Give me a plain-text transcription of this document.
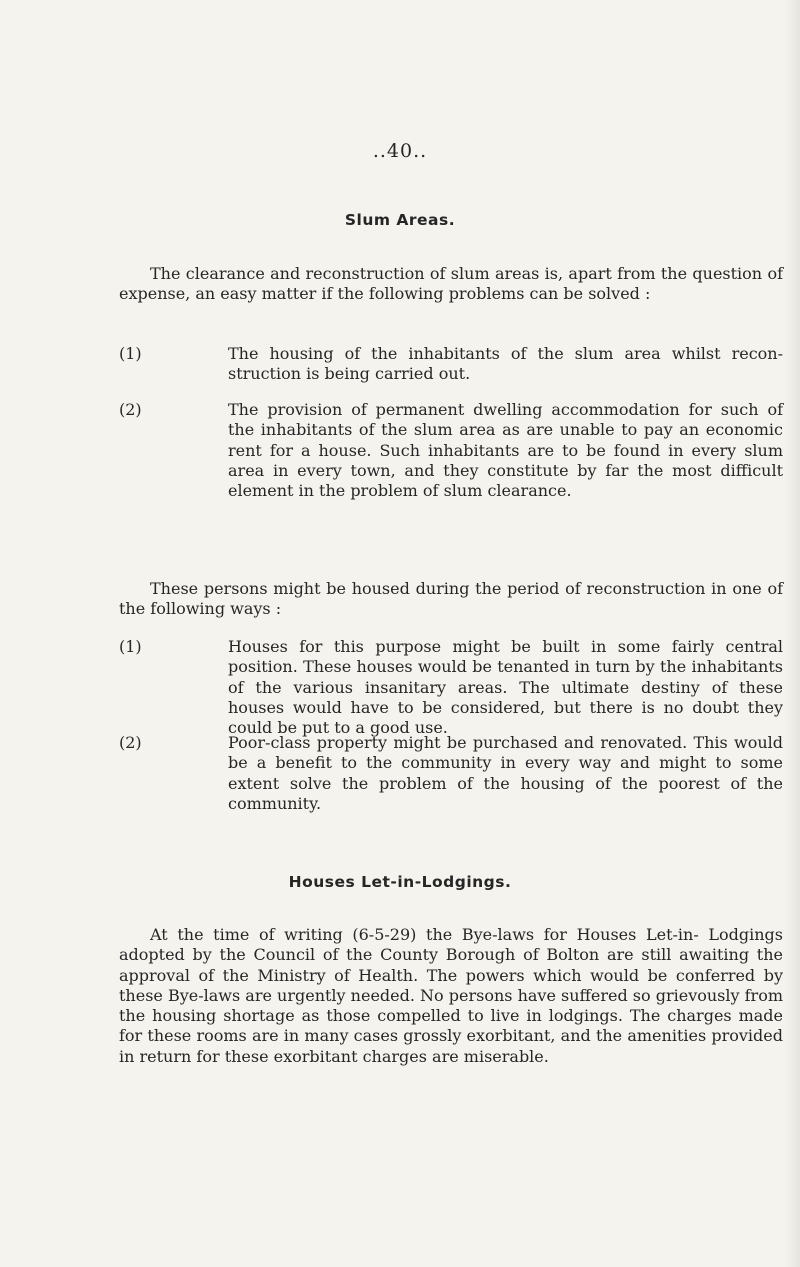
..40..
Slum Areas.

The clearance and reconstruction of slum areas is, apart from the question of expense, an easy matter if the following problems can be solved :

(1)	The housing of the inhabitants of the slum area whilst recon- struction is being carried out.

(2)	The provision of permanent dwelling accommodation for such of the inhabitants of the slum area as are unable to pay an economic rent for a house. Such inhabitants are to be found in every slum area in every town, and they constitute by far the most difficult element in the problem of slum clearance.

These persons might be housed during the period of reconstruction in one of the following ways :

(1)	Houses for this purpose might be built in some fairly central position. These houses would be tenanted in turn by the inhabitants of the various insanitary areas. The ultimate destiny of these houses would have to be considered, but there is no doubt they could be put to a good use.

(2)	Poor-class property might be purchased and renovated. This would be a benefit to the community in every way and might to some extent solve the problem of the housing of the poorest of the community.

Houses Let-in-Lodgings.

At the time of writing (6-5-29) the Bye-laws for Houses Let-in- Lodgings adopted by the Council of the County Borough of Bolton are still awaiting the approval of the Ministry of Health. The powers which would be conferred by these Bye-laws are urgently needed. No persons have suffered so grievously from the housing shortage as those compelled to live in lodgings. The charges made for these rooms are in many cases grossly exorbitant, and the amenities provided in return for these exorbitant charges are miserable.
